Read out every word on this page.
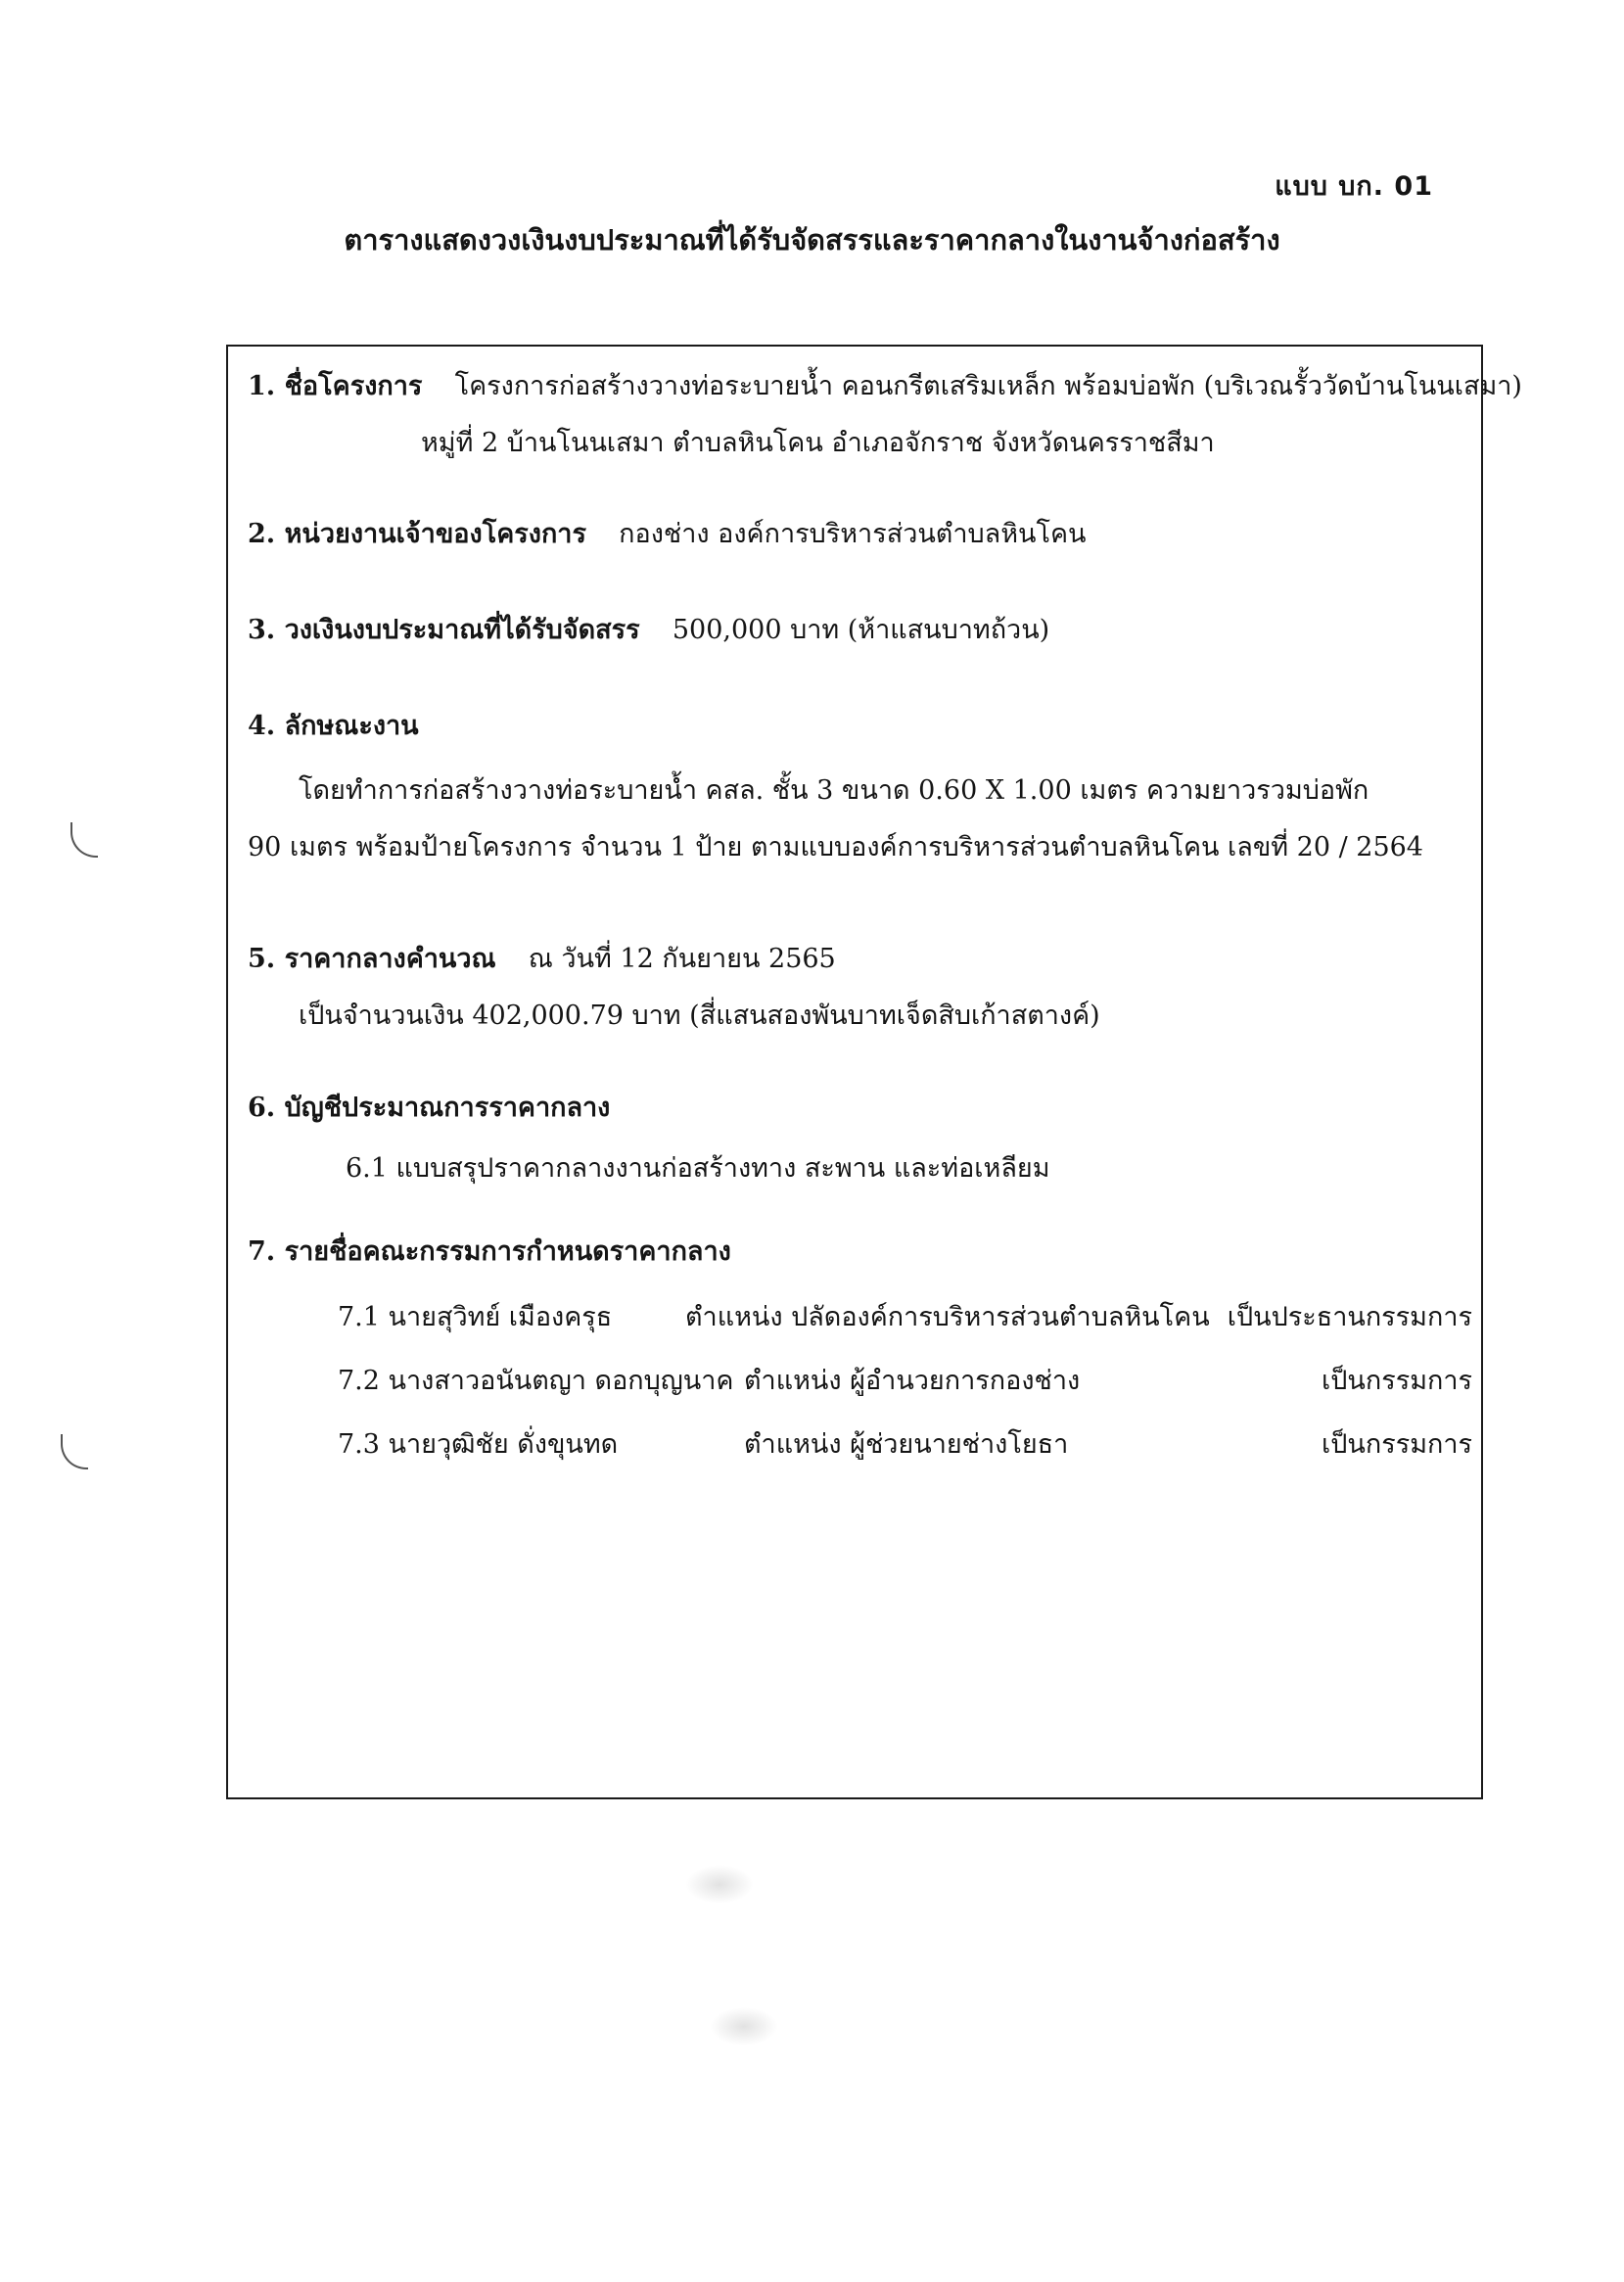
แบบ บก. 01
ตารางแสดงวงเงินงบประมาณที่ได้รับจัดสรรและราคากลางในงานจ้างก่อสร้าง
1. ชื่อโครงการ โครงการก่อสร้างวางท่อระบายน้ำ คอนกรีตเสริมเหล็ก พร้อมบ่อพัก (บริเวณรั้ววัดบ้านโนนเสมา)
หมู่ที่ 2 บ้านโนนเสมา ตำบลหินโคน อำเภอจักราช จังหวัดนครราชสีมา
2. หน่วยงานเจ้าของโครงการ กองช่าง องค์การบริหารส่วนตำบลหินโคน
3. วงเงินงบประมาณที่ได้รับจัดสรร 500,000 บาท (ห้าแสนบาทถ้วน)
4. ลักษณะงาน
โดยทำการก่อสร้างวางท่อระบายน้ำ คสล. ชั้น 3 ขนาด 0.60 X 1.00 เมตร ความยาวรวมบ่อพัก
90 เมตร พร้อมป้ายโครงการ จำนวน 1 ป้าย ตามแบบองค์การบริหารส่วนตำบลหินโคน เลขที่ 20 / 2564
5. ราคากลางคำนวณ ณ วันที่ 12 กันยายน 2565
เป็นจำนวนเงิน 402,000.79 บาท (สี่แสนสองพันบาทเจ็ดสิบเก้าสตางค์)
6. บัญชีประมาณการราคากลาง
6.1 แบบสรุปราคากลางงานก่อสร้างทาง สะพาน และท่อเหลียม
7. รายชื่อคณะกรรมการกำหนดราคากลาง
7.1 นายสุวิทย์ เมืองครุธ	ตำแหน่ง ปลัดองค์การบริหารส่วนตำบลหินโคน เป็นประธานกรรมการ
7.2 นางสาวอนันตญา ดอกบุญนาค ตำแหน่ง ผู้อำนวยการกองช่าง	เป็นกรรมการ
7.3 นายวุฒิชัย ดั่งขุนทด	ตำแหน่ง ผู้ช่วยนายช่างโยธา	เป็นกรรมการ
